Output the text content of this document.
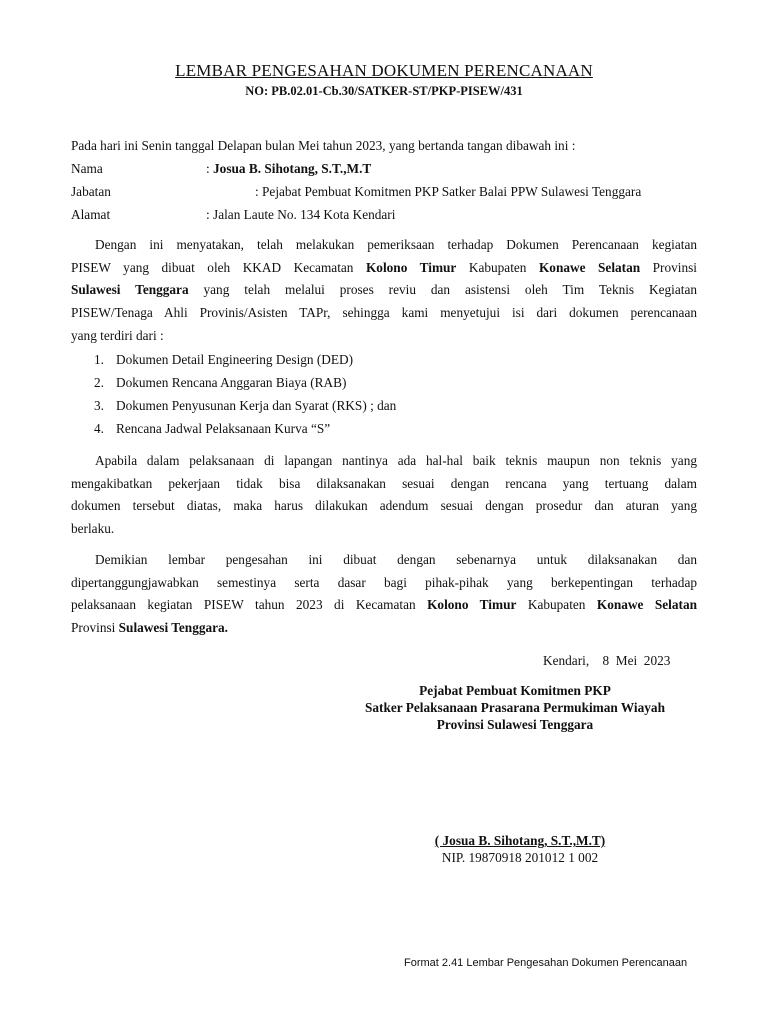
LEMBAR PENGESAHAN DOKUMEN PERENCANAAN
NO: PB.02.01-Cb.30/SATKER-ST/PKP-PISEW/431
Pada hari ini Senin tanggal Delapan bulan Mei tahun 2023, yang bertanda tangan dibawah ini :
Nama	: Josua B. Sihotang, S.T.,M.T
Jabatan	: Pejabat Pembuat Komitmen PKP Satker Balai PPW Sulawesi Tenggara
Alamat	: Jalan Laute No. 134 Kota Kendari
Dengan ini menyatakan, telah melakukan pemeriksaan terhadap Dokumen Perencanaan kegiatan
PISEW yang dibuat oleh KKAD Kecamatan Kolono Timur Kabupaten Konawe Selatan Provinsi
Sulawesi Tenggara yang telah melalui proses reviu dan asistensi oleh Tim Teknis Kegiatan
PISEW/Tenaga Ahli Provinis/Asisten TAPr, sehingga kami menyetujui isi dari dokumen perencanaan
yang terdiri dari :
1. Dokumen Detail Engineering Design (DED)
2. Dokumen Rencana Anggaran Biaya (RAB)
3. Dokumen Penyusunan Kerja dan Syarat (RKS) ; dan
4. Rencana Jadwal Pelaksanaan Kurva “S”
Apabila dalam pelaksanaan di lapangan nantinya ada hal-hal baik teknis maupun non teknis yang
mengakibatkan pekerjaan tidak bisa dilaksanakan sesuai dengan rencana yang tertuang dalam
dokumen tersebut diatas, maka harus dilakukan adendum sesuai dengan prosedur dan aturan yang
berlaku.
Demikian lembar pengesahan ini dibuat dengan sebenarnya untuk dilaksanakan dan
dipertanggungjawabkan semestinya serta dasar bagi pihak-pihak yang berkepentingan terhadap
pelaksanaan kegiatan PISEW tahun 2023 di Kecamatan Kolono Timur Kabupaten Konawe Selatan
Provinsi Sulawesi Tenggara.
Kendari,    8  Mei  2023
Pejabat Pembuat Komitmen PKP
Satker Pelaksanaan Prasarana Permukiman Wiayah
Provinsi Sulawesi Tenggara
( Josua B. Sihotang, S.T.,M.T)
NIP. 19870918 201012 1 002
Format 2.41 Lembar Pengesahan Dokumen Perencanaan
